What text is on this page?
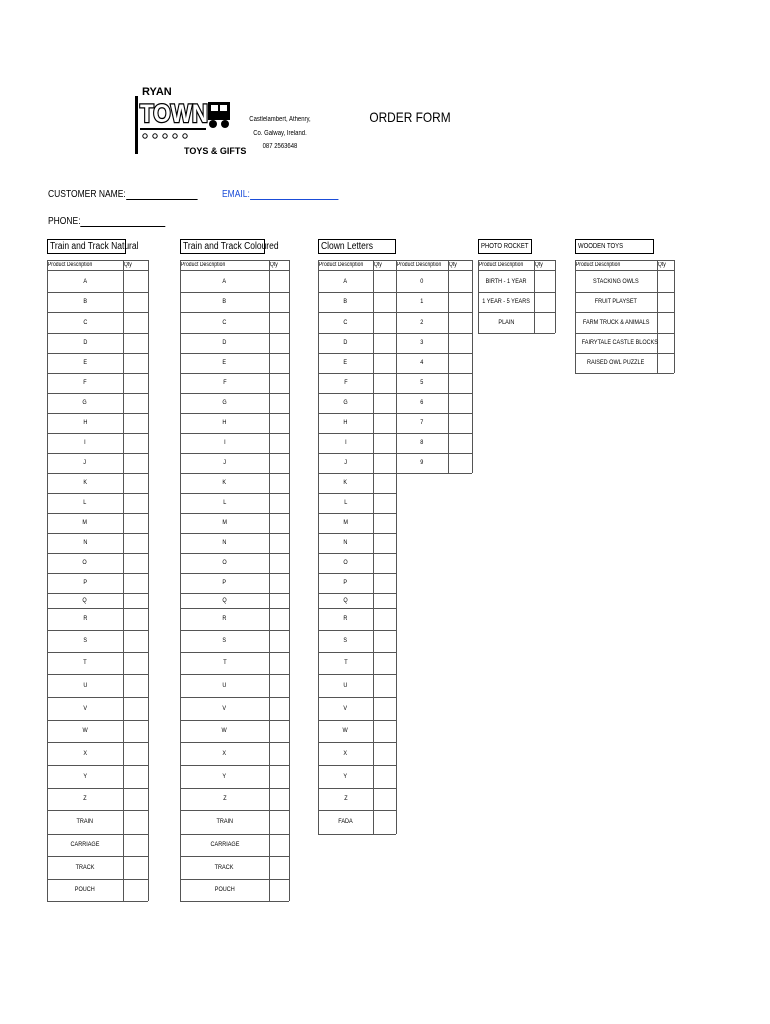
RYAN
TOWN
TOYS & GIFTS
Castlelambert, Athenry,
Co. Galway, Ireland.
087 2563648
ORDER FORM
CUSTOMER NAME:	EMAIL:
PHONE:
Train and Track Natural	Train and Track Coloured	Clown Letters	PHOTO ROCKET	WOODEN TOYS
Product Description	Qty
A
B
C
D
E
F
G
H
I
J
K
L
M
N
O
P
Q
R
S
T
U
V
W
X
Y
Z
TRAIN
CARRIAGE
TRACK
POUCH
Product Description	Qty
A
B
C
D
E
F
G
H
I
J
K
L
M
N
O
P
Q
R
S
T
U
V
W
X
Y
Z
TRAIN
CARRIAGE
TRACK
POUCH
Product Description	Qty
A
B
C
D
E
F
G
H
I
J
K
L
M
N
O
P
Q
R
S
T
U
V
W
X
Y
Z
FADA
Product Description	Qty
0
1
2
3
4
5
6
7
8
9
Product Description	Qty
BIRTH - 1 YEAR
1 YEAR - 5 YEARS
PLAIN
Product Description	Qty
STACKING OWLS
FRUIT PLAYSET
FARM TRUCK & ANIMALS
FAIRYTALE CASTLE BLOCKS
RAISED OWL PUZZLE
